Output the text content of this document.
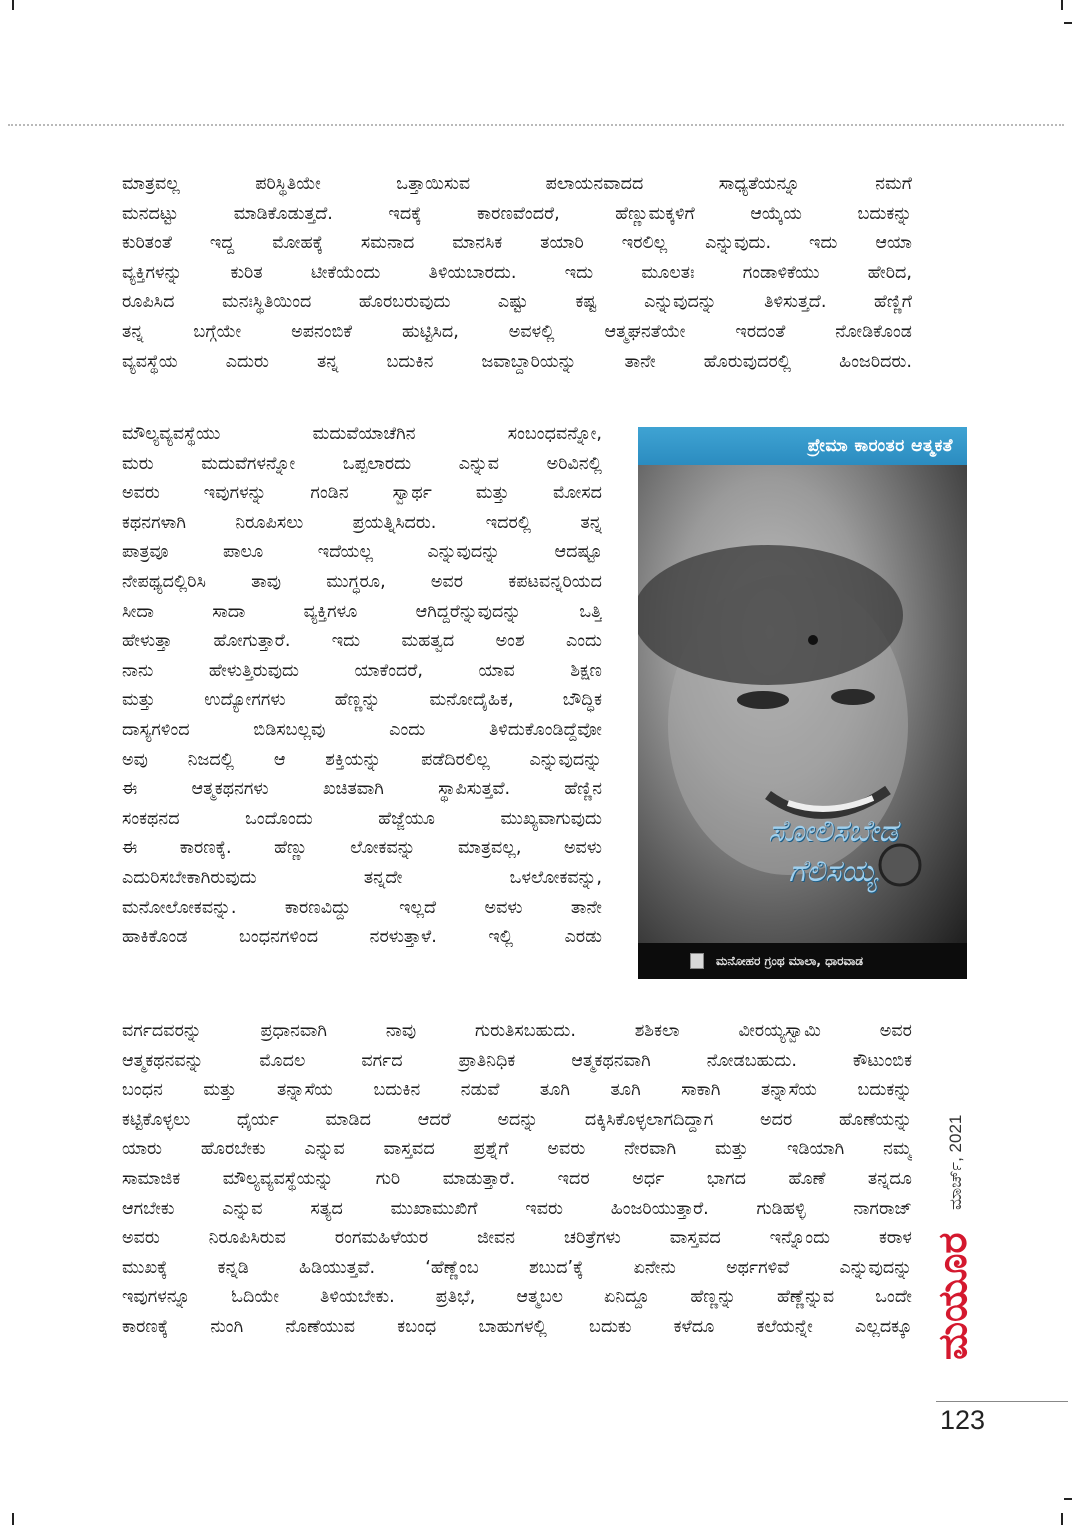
ಮಾತ್ರವಲ್ಲ ಪರಿಸ್ಥಿತಿಯೇ ಒತ್ತಾಯಿಸುವ ಪಲಾಯನವಾದದ ಸಾಧ್ಯತೆಯನ್ನೂ ನಮಗೆ
ಮನದಟ್ಟು ಮಾಡಿಕೊಡುತ್ತದೆ. ಇದಕ್ಕೆ ಕಾರಣವೆಂದರೆ, ಹೆಣ್ಣುಮಕ್ಕಳಿಗೆ ಆಯ್ಕೆಯ ಬದುಕನ್ನು
ಕುರಿತಂತೆ ಇದ್ದ ಮೋಹಕ್ಕೆ ಸಮನಾದ ಮಾನಸಿಕ ತಯಾರಿ ಇರಲಿಲ್ಲ ಎನ್ನುವುದು. ಇದು ಆಯಾ
ವ್ಯಕ್ತಿಗಳನ್ನು ಕುರಿತ ಟೀಕೆಯೆಂದು ತಿಳಿಯಬಾರದು. ಇದು ಮೂಲತಃ ಗಂಡಾಳಿಕೆಯು ಹೇರಿದ,
ರೂಪಿಸಿದ ಮನಃಸ್ಥಿತಿಯಿಂದ ಹೊರಬರುವುದು ಎಷ್ಟು ಕಷ್ಟ ಎನ್ನುವುದನ್ನು ತಿಳಿಸುತ್ತದೆ. ಹೆಣ್ಣಿಗೆ
ತನ್ನ ಬಗ್ಗೆಯೇ ಅಪನಂಬಿಕೆ ಹುಟ್ಟಿಸಿದ, ಅವಳಲ್ಲಿ ಆತ್ಮಘನತೆಯೇ ಇರದಂತೆ ನೋಡಿಕೊಂಡ
ವ್ಯವಸ್ಥೆಯ ಎದುರು ತನ್ನ ಬದುಕಿನ ಜವಾಬ್ದಾರಿಯನ್ನು ತಾನೇ ಹೊರುವುದರಲ್ಲಿ ಹಿಂಜರಿದರು.
ಮೌಲ್ಯವ್ಯವಸ್ಥೆಯು ಮದುವೆಯಾಚೆಗಿನ ಸಂಬಂಧವನ್ನೋ,
ಮರು ಮದುವೆಗಳನ್ನೋ ಒಪ್ಪಲಾರದು ಎನ್ನುವ ಅರಿವಿನಲ್ಲಿ
ಅವರು ಇವುಗಳನ್ನು ಗಂಡಿನ ಸ್ವಾರ್ಥ ಮತ್ತು ಮೋಸದ
ಕಥನಗಳಾಗಿ ನಿರೂಪಿಸಲು ಪ್ರಯತ್ನಿಸಿದರು. ಇದರಲ್ಲಿ ತನ್ನ
ಪಾತ್ರವೂ ಪಾಲೂ ಇದೆಯಲ್ಲ ಎನ್ನುವುದನ್ನು ಆದಷ್ಟೂ
ನೇಪಥ್ಯದಲ್ಲಿರಿಸಿ ತಾವು ಮುಗ್ಧರೂ, ಅವರ ಕಪಟವನ್ನರಿಯದ
ಸೀದಾ ಸಾದಾ ವ್ಯಕ್ತಿಗಳೂ ಆಗಿದ್ದರೆನ್ನುವುದನ್ನು ಒತ್ತಿ
ಹೇಳುತ್ತಾ ಹೋಗುತ್ತಾರೆ. ಇದು ಮಹತ್ವದ ಅಂಶ ಎಂದು
ನಾನು ಹೇಳುತ್ತಿರುವುದು ಯಾಕೆಂದರೆ, ಯಾವ ಶಿಕ್ಷಣ
ಮತ್ತು ಉದ್ಯೋಗಗಳು ಹೆಣ್ಣನ್ನು ಮನೋದೈಹಿಕ, ಬೌದ್ಧಿಕ
ದಾಸ್ಯಗಳಿಂದ ಬಿಡಿಸಬಲ್ಲವು ಎಂದು ತಿಳಿದುಕೊಂಡಿದ್ದೆವೋ
ಅವು ನಿಜದಲ್ಲಿ ಆ ಶಕ್ತಿಯನ್ನು ಪಡೆದಿರಲಿಲ್ಲ ಎನ್ನುವುದನ್ನು
ಈ ಆತ್ಮಕಥನಗಳು ಖಚಿತವಾಗಿ ಸ್ಥಾಪಿಸುತ್ತವೆ. ಹೆಣ್ಣಿನ
ಸಂಕಥನದ ಒಂದೊಂದು ಹೆಜ್ಜೆಯೂ ಮುಖ್ಯವಾಗುವುದು
ಈ ಕಾರಣಕ್ಕೆ. ಹೆಣ್ಣು ಲೋಕವನ್ನು ಮಾತ್ರವಲ್ಲ, ಅವಳು
ಎದುರಿಸಬೇಕಾಗಿರುವುದು ತನ್ನದೇ ಒಳಲೋಕವನ್ನು,
ಮನೋಲೋಕವನ್ನು. ಕಾರಣವಿದ್ದು ಇಲ್ಲದೆ ಅವಳು ತಾನೇ
ಹಾಕಿಕೊಂಡ ಬಂಧನಗಳಿಂದ ನರಳುತ್ತಾಳೆ. ಇಲ್ಲಿ ಎರಡು
ಪ್ರೇಮಾ ಕಾರಂತರ ಆತ್ಮಕತೆ
ಸೋಲಿಸಬೇಡ
ಗೆಲಿಸಯ್ಯ
ಮನೋಹರ ಗ್ರಂಥ ಮಾಲಾ, ಧಾರವಾಡ
ವರ್ಗದವರನ್ನು ಪ್ರಧಾನವಾಗಿ ನಾವು ಗುರುತಿಸಬಹುದು. ಶಶಿಕಲಾ ವೀರಯ್ಯಸ್ವಾಮಿ ಅವರ
ಆತ್ಮಕಥನವನ್ನು ಮೊದಲ ವರ್ಗದ ಪ್ರಾತಿನಿಧಿಕ ಆತ್ಮಕಥನವಾಗಿ ನೋಡಬಹುದು. ಕೌಟುಂಬಿಕ
ಬಂಧನ ಮತ್ತು ತನ್ನಾಸೆಯ ಬದುಕಿನ ನಡುವೆ ತೂಗಿ ತೂಗಿ ಸಾಕಾಗಿ ತನ್ನಾಸೆಯ ಬದುಕನ್ನು
ಕಟ್ಟಿಕೊಳ್ಳಲು ಧೈರ್ಯ ಮಾಡಿದ ಆದರೆ ಅದನ್ನು ದಕ್ಕಿಸಿಕೊಳ್ಳಲಾಗದಿದ್ದಾಗ ಅದರ ಹೊಣೆಯನ್ನು
ಯಾರು ಹೊರಬೇಕು ಎನ್ನುವ ವಾಸ್ತವದ ಪ್ರಶ್ನೆಗೆ ಅವರು ನೇರವಾಗಿ ಮತ್ತು ಇಡಿಯಾಗಿ ನಮ್ಮ
ಸಾಮಾಜಿಕ ಮೌಲ್ಯವ್ಯವಸ್ಥೆಯನ್ನು ಗುರಿ ಮಾಡುತ್ತಾರೆ. ಇದರ ಅರ್ಧ ಭಾಗದ ಹೊಣೆ ತನ್ನದೂ
ಆಗಬೇಕು ಎನ್ನುವ ಸತ್ಯದ ಮುಖಾಮುಖಿಗೆ ಇವರು ಹಿಂಜರಿಯುತ್ತಾರೆ. ಗುಡಿಹಳ್ಳಿ ನಾಗರಾಜ್
ಅವರು ನಿರೂಪಿಸಿರುವ ರಂಗಮಹಿಳೆಯರ ಜೀವನ ಚರಿತ್ರೆಗಳು ವಾಸ್ತವದ ಇನ್ನೊಂದು ಕರಾಳ
ಮುಖಕ್ಕೆ ಕನ್ನಡಿ ಹಿಡಿಯುತ್ತವೆ. ‘ಹೆಣ್ಣೆಂಬ ಶಬುದ’ಕ್ಕೆ ಏನೇನು ಅರ್ಥಗಳಿವೆ ಎನ್ನುವುದನ್ನು
ಇವುಗಳನ್ನೂ ಓದಿಯೇ ತಿಳಿಯಬೇಕು. ಪ್ರತಿಭೆ, ಆತ್ಮಬಲ ಏನಿದ್ದೂ ಹೆಣ್ಣನ್ನು ಹೆಣ್ಣೆನ್ನುವ ಒಂದೇ
ಕಾರಣಕ್ಕೆ ನುಂಗಿ ನೊಣೆಯುವ ಕಬಂಧ ಬಾಹುಗಳಲ್ಲಿ ಬದುಕು ಕಳೆದೂ ಕಲೆಯನ್ನೇ ಎಲ್ಲದಕ್ಕೂ
ಮಾರ್ಚ್, 2021
ಮಯೂರ
123
